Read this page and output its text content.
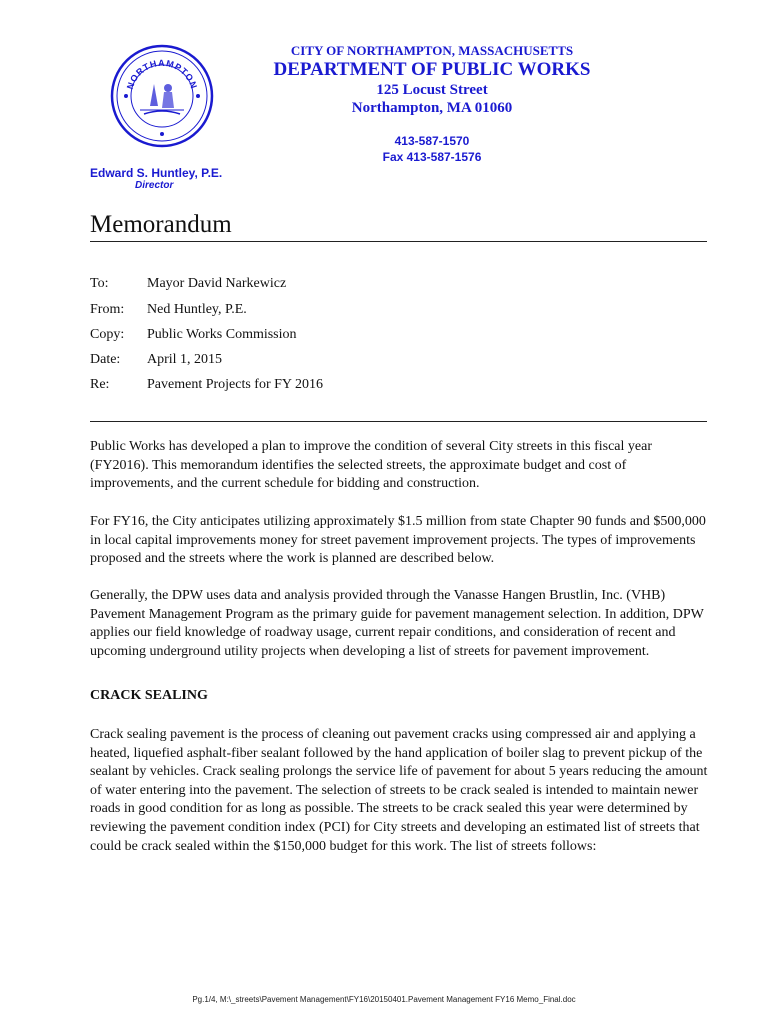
NORTHAMPTON
CITY OF NORTHAMPTON, MASSACHUSETTS
DEPARTMENT OF PUBLIC WORKS
125 Locust Street
Northampton, MA 01060
413-587-1570
Fax 413-587-1576
Edward S. Huntley, P.E.
Director
Memorandum
To:	Mayor David Narkewicz
From:	Ned Huntley, P.E.
Copy:	Public Works Commission
Date:	April 1, 2015
Re:	Pavement Projects for FY 2016
Public Works has developed a plan to improve the condition of several City streets in this fiscal year (FY2016). This memorandum identifies the selected streets, the approximate budget and cost of improvements, and the current schedule for bidding and construction.
For FY16, the City anticipates utilizing approximately $1.5 million from state Chapter 90 funds and $500,000 in local capital improvements money for street pavement improvement projects. The types of improvements proposed and the streets where the work is planned are described below.
Generally, the DPW uses data and analysis provided through the Vanasse Hangen Brustlin, Inc. (VHB) Pavement Management Program as the primary guide for pavement management selection. In addition, DPW applies our field knowledge of roadway usage, current repair conditions, and consideration of recent and upcoming underground utility projects when developing a list of streets for pavement improvement.
CRACK SEALING
Crack sealing pavement is the process of cleaning out pavement cracks using compressed air and applying a heated, liquefied asphalt-fiber sealant followed by the hand application of boiler slag to prevent pickup of the sealant by vehicles. Crack sealing prolongs the service life of pavement for about 5 years reducing the amount of water entering into the pavement. The selection of streets to be crack sealed is intended to maintain newer roads in good condition for as long as possible. The streets to be crack sealed this year were determined by reviewing the pavement condition index (PCI) for City streets and developing an estimated list of streets that could be crack sealed within the $150,000 budget for this work. The list of streets follows:
Pg.1/4, M:\_streets\Pavement Management\FY16\20150401.Pavement Management FY16 Memo_Final.doc
